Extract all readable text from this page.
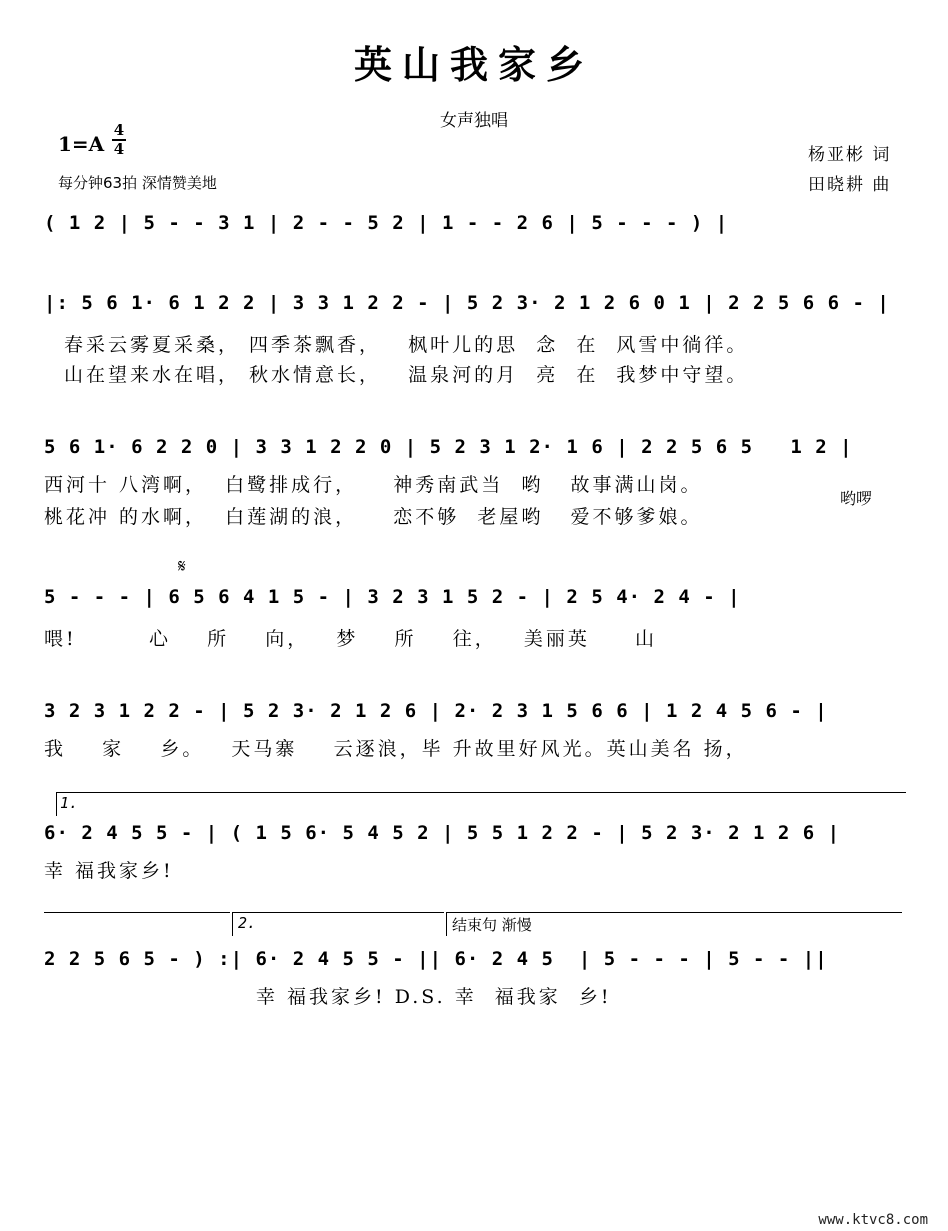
英山我家乡
女声独唱
$1=A \frac{4}{4}$
每分钟63拍 深情赞美地
杨亚彬 词
田晓耕 曲
( 1 2 | 5 - - 3 1 | 2 - - 5 2 | 1 - - 2 6 | 5 - - - ) |
|: 5 6 1· 6 1 2 2 | 3 3 1 2 2 - | 5 2 3· 2 1 2 6 0 1 | 2 2 5 6 6 - |
春采云雾夏采桑， 四季茶飘香，   枫叶儿的思  念  在  风雪中徜徉。
山在望来水在唱， 秋水情意长，   温泉河的月  亮  在  我梦中守望。
5 6 1· 6 2 2 0 | 3 3 1 2 2 0 | 5 2 3 1 2· 1 6 | 2 2 5 6 5   1 2 |
西河十 八湾啊，  白鹭排成行，    神秀南武当  哟   故事满山岗。
桃花冲 的水啊，  白莲湖的浪，    恋不够  老屋哟   爱不够爹娘。
哟啰
𝄋
5 - - - | 6 5 6 4 1 5 - | 3 2 3 1 5 2 - | 2 5 4· 2 4 - |
喂!        心    所    向，   梦    所    往，   美丽英     山
3 2 3 1 2 2 - | 5 2 3· 2 1 2 6 | 2· 2 3 1 5 6 6 | 1 2 4 5 6 - |
我    家    乡。   天马寨    云逐浪，毕 升故里好风光。英山美名 扬，
1.
6· 2 4 5 5 - | ( 1 5 6· 5 4 5 2 | 5 5 1 2 2 - | 5 2 3· 2 1 2 6 |
幸 福我家乡!
2.	结束句 渐慢
2 2 5 6 5 - ) :| 6· 2 4 5 5 - || 6· 2 4 5  | 5 - - - | 5 - - ||
幸 福我家乡! D.S. 幸  福我家  乡!
www.ktvc8.com
